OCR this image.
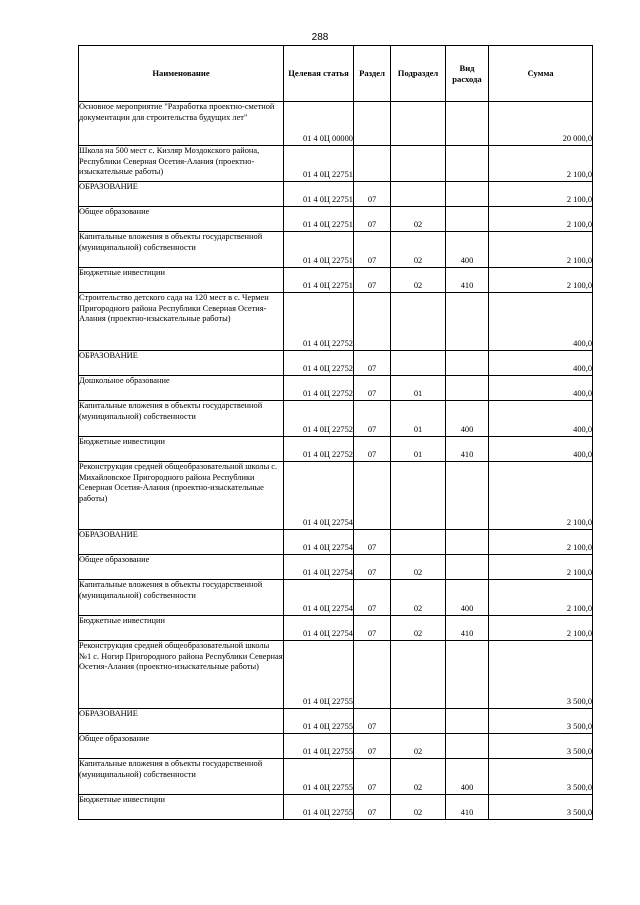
288
Наименование	Целевая статья	Раздел	Подраздел	Вид расхода	Сумма

Основное мероприятие "Разработка проектно-сметной документации для строительства будущих лет"	01 4 0Ц 00000				20 000,0

Школа на 500 мест с. Кизляр Моздокского района, Республики Северная Осетия-Алания (проектно-изыскательные работы)	01 4 0Ц 22751				2 100,0

ОБРАЗОВАНИЕ	01 4 0Ц 22751	07			2 100,0

Общее образование	01 4 0Ц 22751	07	02		2 100,0

Капитальные вложения в объекты государственной (муниципальной) собственности	01 4 0Ц 22751	07	02	400	2 100,0

Бюджетные инвестиции	01 4 0Ц 22751	07	02	410	2 100,0

Строительство детского сада на 120 мест в с. Чермен Пригородного района Республики Северная Осетия-Алания (проектно-изыскательные работы)	01 4 0Ц 22752				400,0

ОБРАЗОВАНИЕ	01 4 0Ц 22752	07			400,0

Дошкольное образование	01 4 0Ц 22752	07	01		400,0

Капитальные вложения в объекты государственной (муниципальной) собственности	01 4 0Ц 22752	07	01	400	400,0

Бюджетные инвестиции	01 4 0Ц 22752	07	01	410	400,0

Реконструкция средней общеобразовательной школы с. Михайловское Пригородного района Республики Северная Осетия-Алания (проектно-изыскательные работы)	01 4 0Ц 22754				2 100,0

ОБРАЗОВАНИЕ	01 4 0Ц 22754	07			2 100,0

Общее образование	01 4 0Ц 22754	07	02		2 100,0

Капитальные вложения в объекты государственной (муниципальной) собственности	01 4 0Ц 22754	07	02	400	2 100,0

Бюджетные инвестиции	01 4 0Ц 22754	07	02	410	2 100,0

Реконструкция средней общеобразовательной школы №1 с. Ногир Пригородного района Республики Северная Осетия-Алания (проектно-изыскательные работы)	01 4 0Ц 22755				3 500,0

ОБРАЗОВАНИЕ	01 4 0Ц 22755	07			3 500,0

Общее образование	01 4 0Ц 22755	07	02		3 500,0

Капитальные вложения в объекты государственной (муниципальной) собственности	01 4 0Ц 22755	07	02	400	3 500,0

Бюджетные инвестиции	01 4 0Ц 22755	07	02	410	3 500,0
